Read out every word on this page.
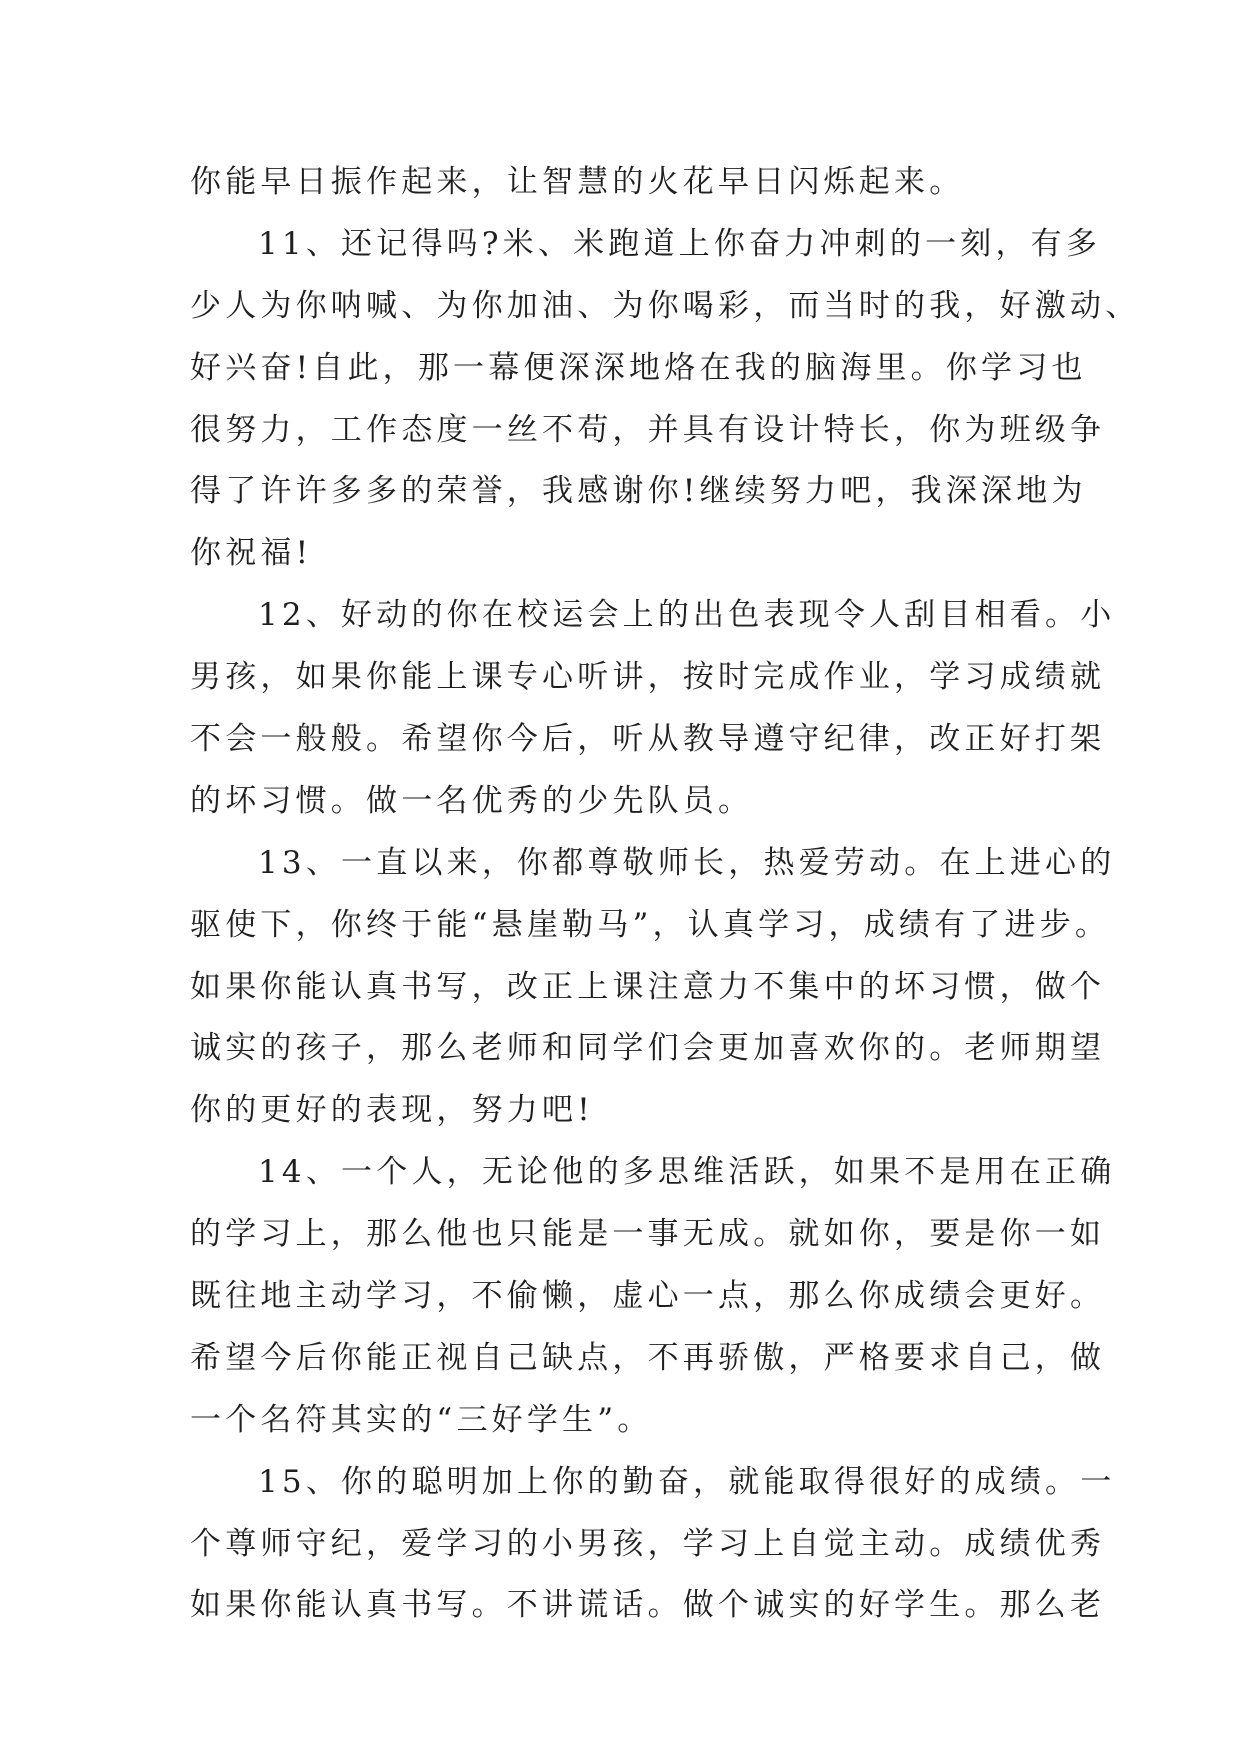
你能早日振作起来，让智慧的火花早日闪烁起来。
11、还记得吗?米、米跑道上你奋力冲刺的一刻，有多
少人为你呐喊、为你加油、为你喝彩，而当时的我，好激动、
好兴奋!自此，那一幕便深深地烙在我的脑海里。你学习也
很努力，工作态度一丝不苟，并具有设计特长，你为班级争
得了许许多多的荣誉，我感谢你!继续努力吧，我深深地为
你祝福!
12、好动的你在校运会上的出色表现令人刮目相看。小
男孩，如果你能上课专心听讲，按时完成作业，学习成绩就
不会一般般。希望你今后，听从教导遵守纪律，改正好打架
的坏习惯。做一名优秀的少先队员。
13、一直以来，你都尊敬师长，热爱劳动。在上进心的
驱使下，你终于能“悬崖勒马”，认真学习，成绩有了进步。
如果你能认真书写，改正上课注意力不集中的坏习惯，做个
诚实的孩子，那么老师和同学们会更加喜欢你的。老师期望
你的更好的表现，努力吧!
14、一个人，无论他的多思维活跃，如果不是用在正确
的学习上，那么他也只能是一事无成。就如你，要是你一如
既往地主动学习，不偷懒，虚心一点，那么你成绩会更好。
希望今后你能正视自己缺点，不再骄傲，严格要求自己，做
一个名符其实的“三好学生”。
15、你的聪明加上你的勤奋，就能取得很好的成绩。一
个尊师守纪，爱学习的小男孩，学习上自觉主动。成绩优秀
如果你能认真书写。不讲谎话。做个诚实的好学生。那么老
